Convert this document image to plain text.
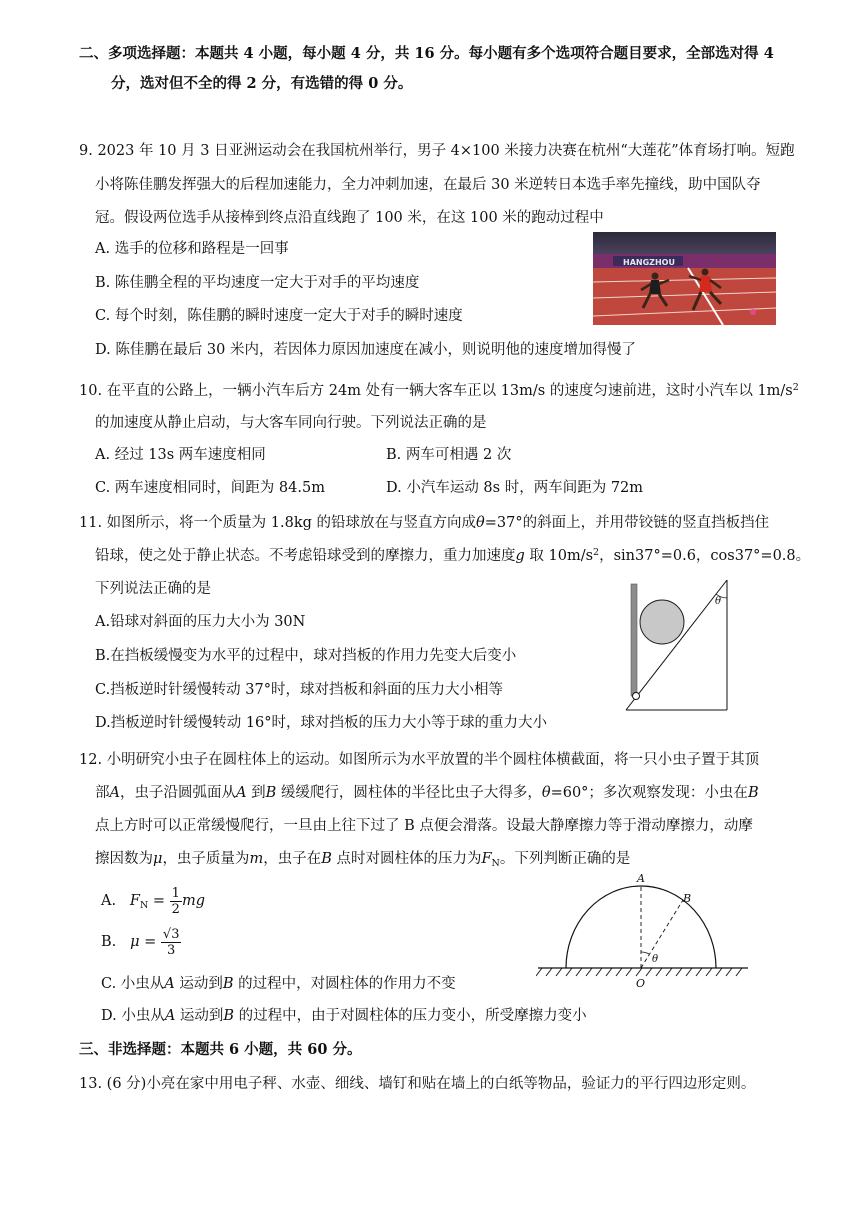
二、多项选择题：本题共 4 小题，每小题 4 分，共 16 分。每小题有多个选项符合题目要求，全部选对得 4
分，选对但不全的得 2 分，有选错的得 0 分。
9. 2023 年 10 月 3 日亚洲运动会在我国杭州举行，男子 4×100 米接力决赛在杭州“大莲花”体育场打响。短跑
小将陈佳鹏发挥强大的后程加速能力，全力冲刺加速，在最后 30 米逆转日本选手率先撞线，助中国队夺
冠。假设两位选手从接棒到终点沿直线跑了 100 米，在这 100 米的跑动过程中
A. 选手的位移和路程是一回事
B. 陈佳鹏全程的平均速度一定大于对手的平均速度
C. 每个时刻，陈佳鹏的瞬时速度一定大于对手的瞬时速度
D. 陈佳鹏在最后 30 米内，若因体力原因加速度在减小，则说明他的速度增加得慢了
HANGZHOU
10. 在平直的公路上，一辆小汽车后方 24m 处有一辆大客车正以 13m/s 的速度匀速前进，这时小汽车以 $1m/s^2$
的加速度从静止启动，与大客车同向行驶。下列说法正确的是
A. 经过 13s 两车速度相同	B. 两车可相遇 2 次
C. 两车速度相同时，间距为 84.5m	D. 小汽车运动 8s 时，两车间距为 72m
11. 如图所示，将一个质量为 1.8kg 的铅球放在与竖直方向成θ=37°的斜面上，并用带铰链的竖直挡板挡住
铅球，使之处于静止状态。不考虑铅球受到的摩擦力，重力加速度g 取 $10m/s^2$，sin37°=0.6，cos37°=0.8。
下列说法正确的是
A.铅球对斜面的压力大小为 30N
B.在挡板缓慢变为水平的过程中，球对挡板的作用力先变大后变小
C.挡板逆时针缓慢转动 37°时，球对挡板和斜面的压力大小相等
D.挡板逆时针缓慢转动 16°时，球对挡板的压力大小等于球的重力大小
θ
12. 小明研究小虫子在圆柱体上的运动。如图所示为水平放置的半个圆柱体横截面，将一只小虫子置于其顶
部A，虫子沿圆弧面从A 到B 缓缓爬行，圆柱体的半径比虫子大得多，θ=60°；多次观察发现：小虫在B
点上方时可以正常缓慢爬行，一旦由上往下过了 B 点便会滑落。设最大静摩擦力等于滑动摩擦力，动摩
擦因数为μ，虫子质量为m，虫子在B 点时对圆柱体的压力为$F_N$。下列判断正确的是
A. $F_N = \frac{1}{2}$ mg
B. $\mu = \frac{√3}{3}$
C. 小虫从A 运动到B 的过程中，对圆柱体的作用力不变
D. 小虫从A 运动到B 的过程中，由于对圆柱体的压力变小，所受摩擦力变小
A
B
O
θ
三、非选择题：本题共 6 小题，共 60 分。
13. (6 分)小亮在家中用电子秤、水壶、细线、墙钉和贴在墙上的白纸等物品，验证力的平行四边形定则。
